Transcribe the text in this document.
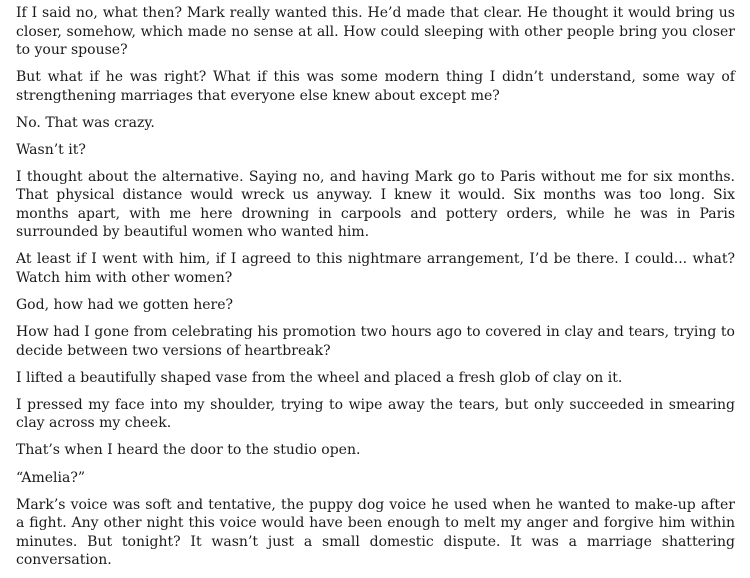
If I said no, what then? Mark really wanted this. He’d made that clear. He thought it would bring us closer, somehow, which made no sense at all. How could sleeping with other people bring you closer to your spouse?

But what if he was right? What if this was some modern thing I didn’t understand, some way of strengthening marriages that everyone else knew about except me?

No. That was crazy.

Wasn’t it?

I thought about the alternative. Saying no, and having Mark go to Paris without me for six months. That physical distance would wreck us anyway. I knew it would. Six months was too long. Six months apart, with me here drowning in carpools and pottery orders, while he was in Paris surrounded by beautiful women who wanted him.

At least if I went with him, if I agreed to this nightmare arrangement, I’d be there. I could... what? Watch him with other women?

God, how had we gotten here?

How had I gone from celebrating his promotion two hours ago to covered in clay and tears, trying to decide between two versions of heartbreak?

I lifted a beautifully shaped vase from the wheel and placed a fresh glob of clay on it.

I pressed my face into my shoulder, trying to wipe away the tears, but only succeeded in smearing clay across my cheek.

That’s when I heard the door to the studio open.

“Amelia?”

Mark’s voice was soft and tentative, the puppy dog voice he used when he wanted to make-up after a fight. Any other night this voice would have been enough to melt my anger and forgive him within minutes. But tonight? It wasn’t just a small domestic dispute. It was a marriage shattering conversation.
